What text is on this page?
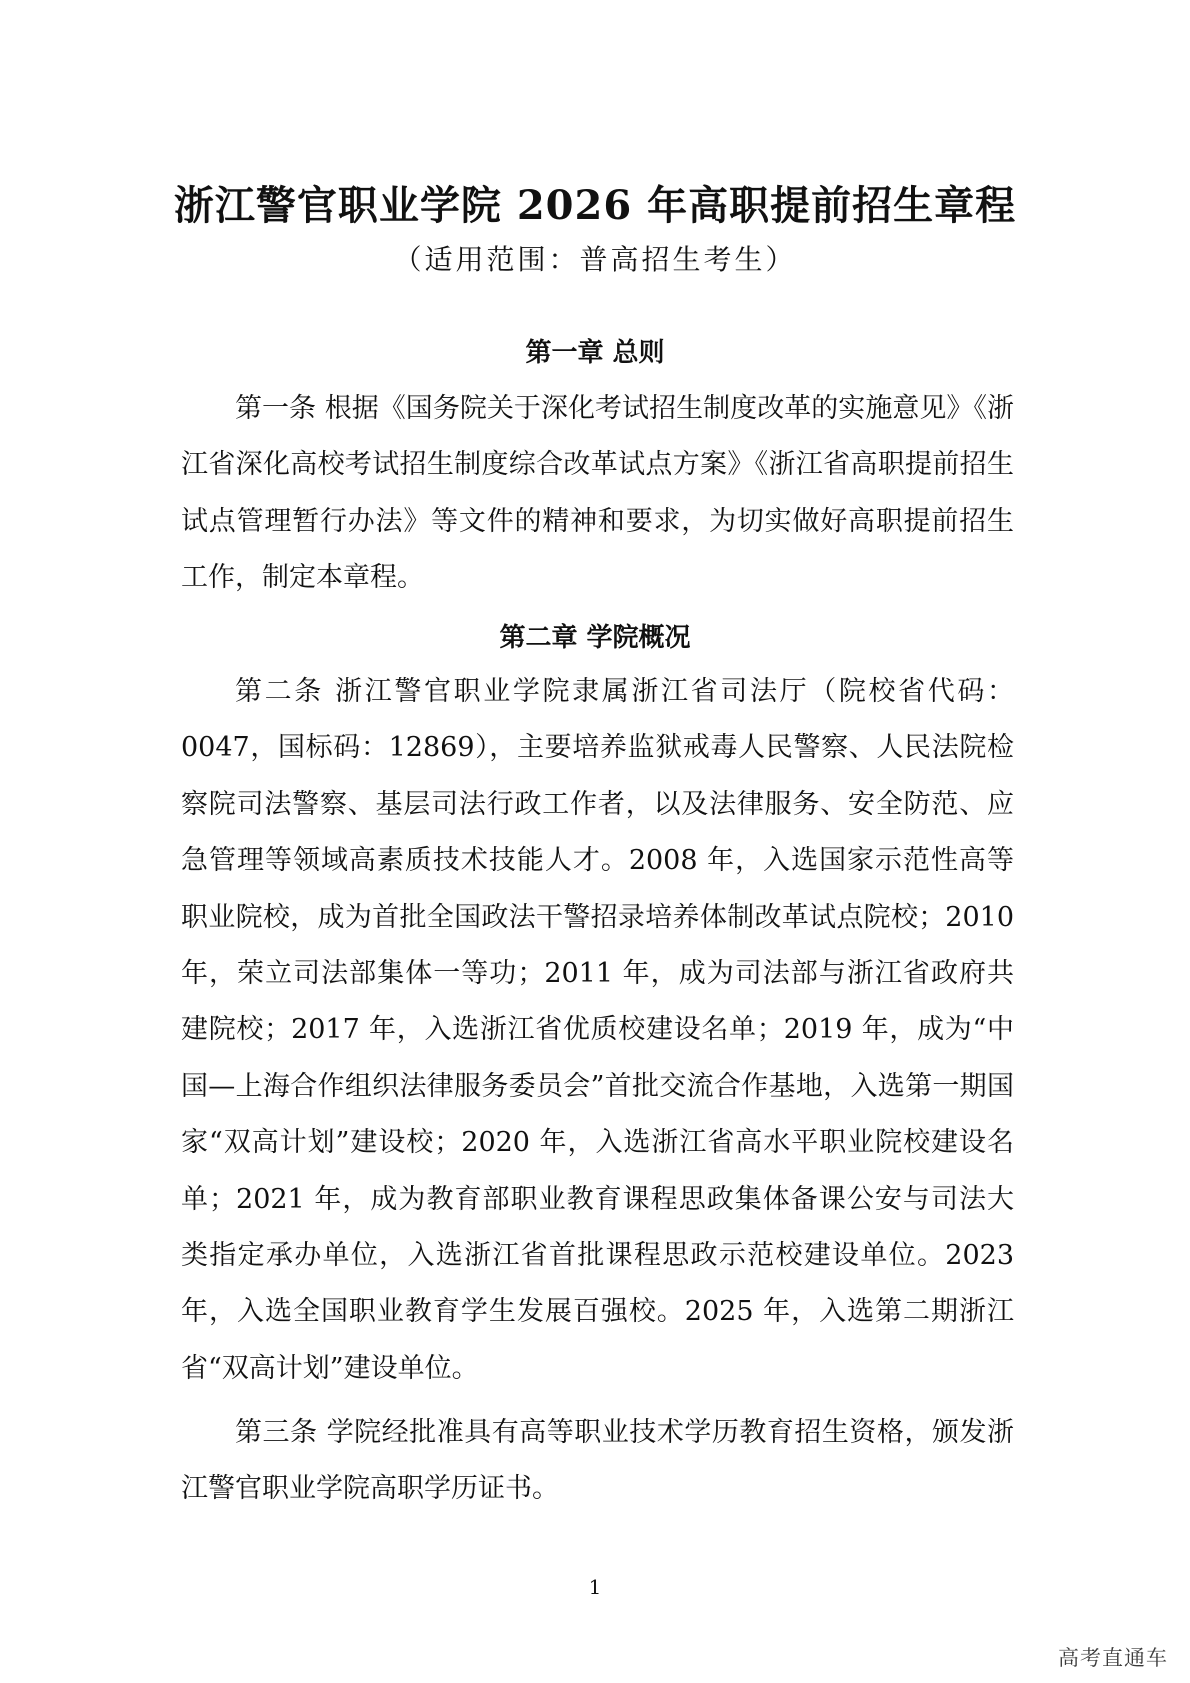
浙江警官职业学院 2026 年高职提前招生章程
（适用范围：普高招生考生）
第一章 总则

第一条 根据《国务院关于深化考试招生制度改革的实施意见》《浙江省深化高校考试招生制度综合改革试点方案》《浙江省高职提前招生试点管理暂行办法》等文件的精神和要求，为切实做好高职提前招生工作，制定本章程。

第二章 学院概况

第二条 浙江警官职业学院隶属浙江省司法厅（院校省代码：0047，国标码：12869），主要培养监狱戒毒人民警察、人民法院检察院司法警察、基层司法行政工作者，以及法律服务、安全防范、应急管理等领域高素质技术技能人才。2008 年，入选国家示范性高等职业院校，成为首批全国政法干警招录培养体制改革试点院校；2010 年，荣立司法部集体一等功；2011 年，成为司法部与浙江省政府共建院校；2017 年，入选浙江省优质校建设名单；2019 年，成为“中国—上海合作组织法律服务委员会”首批交流合作基地，入选第一期国家“双高计划”建设校；2020 年，入选浙江省高水平职业院校建设名单；2021 年，成为教育部职业教育课程思政集体备课公安与司法大类指定承办单位，入选浙江省首批课程思政示范校建设单位。2023 年，入选全国职业教育学生发展百强校。2025 年，入选第二期浙江省“双高计划”建设单位。

第三条 学院经批准具有高等职业技术学历教育招生资格，颁发浙江警官职业学院高职学历证书。

1
高考直通车
